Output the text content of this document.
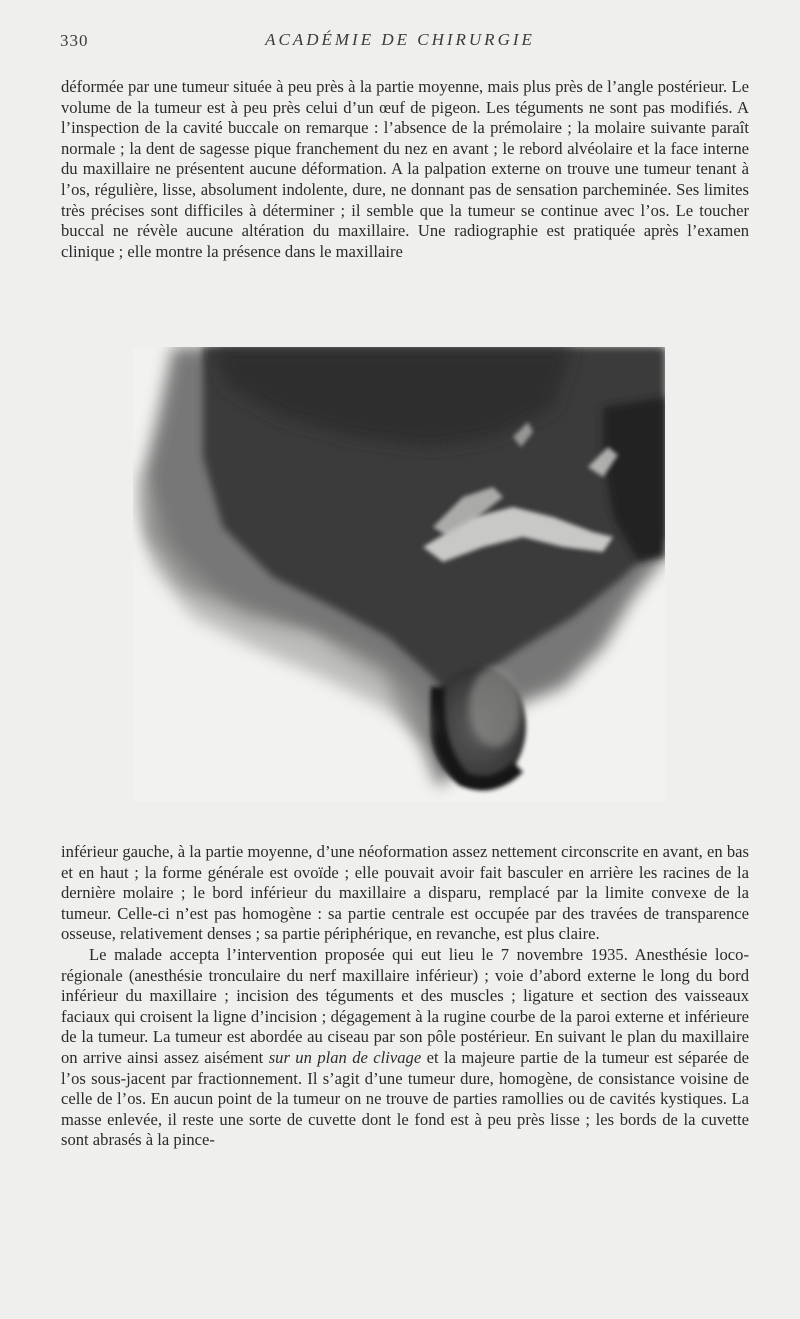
330	ACADÉMIE DE CHIRURGIE

déformée par une tumeur située à peu près à la partie moyenne, mais plus près de l’angle postérieur. Le volume de la tumeur est à peu près celui d’un œuf de pigeon. Les téguments ne sont pas modifiés. A l’inspection de la cavité buccale on remarque : l’absence de la prémolaire ; la molaire suivante paraît normale ; la dent de sagesse pique franchement du nez en avant ; le rebord alvéolaire et la face interne du maxillaire ne présentent aucune déformation. A la palpation externe on trouve une tumeur tenant à l’os, régulière, lisse, absolument indolente, dure, ne donnant pas de sensation parcheminée. Ses limites très précises sont difficiles à déterminer ; il semble que la tumeur se continue avec l’os. Le toucher buccal ne révèle aucune altération du maxillaire. Une radiographie est pratiquée après l’examen clinique ; elle montre la présence dans le maxillaire

inférieur gauche, à la partie moyenne, d’une néoformation assez nettement circonscrite en avant, en bas et en haut ; la forme générale est ovoïde ; elle pouvait avoir fait basculer en arrière les racines de la dernière molaire ; le bord inférieur du maxillaire a disparu, remplacé par la limite convexe de la tumeur. Celle-ci n’est pas homogène : sa partie centrale est occupée par des travées de transparence osseuse, relativement denses ; sa partie périphérique, en revanche, est plus claire.

Le malade accepta l’intervention proposée qui eut lieu le 7 novembre 1935. Anesthésie loco-régionale (anesthésie tronculaire du nerf maxillaire inférieur) ; voie d’abord externe le long du bord inférieur du maxillaire ; incision des téguments et des muscles ; ligature et section des vaisseaux faciaux qui croisent la ligne d’incision ; dégagement à la rugine courbe de la paroi externe et inférieure de la tumeur. La tumeur est abordée au ciseau par son pôle postérieur. En suivant le plan du maxillaire on arrive ainsi assez aisément sur un plan de clivage et la majeure partie de la tumeur est séparée de l’os sous-jacent par fractionnement. Il s’agit d’une tumeur dure, homogène, de consistance voisine de celle de l’os. En aucun point de la tumeur on ne trouve de parties ramollies ou de cavités kystiques. La masse enlevée, il reste une sorte de cuvette dont le fond est à peu près lisse ; les bords de la cuvette sont abrasés à la pince-
